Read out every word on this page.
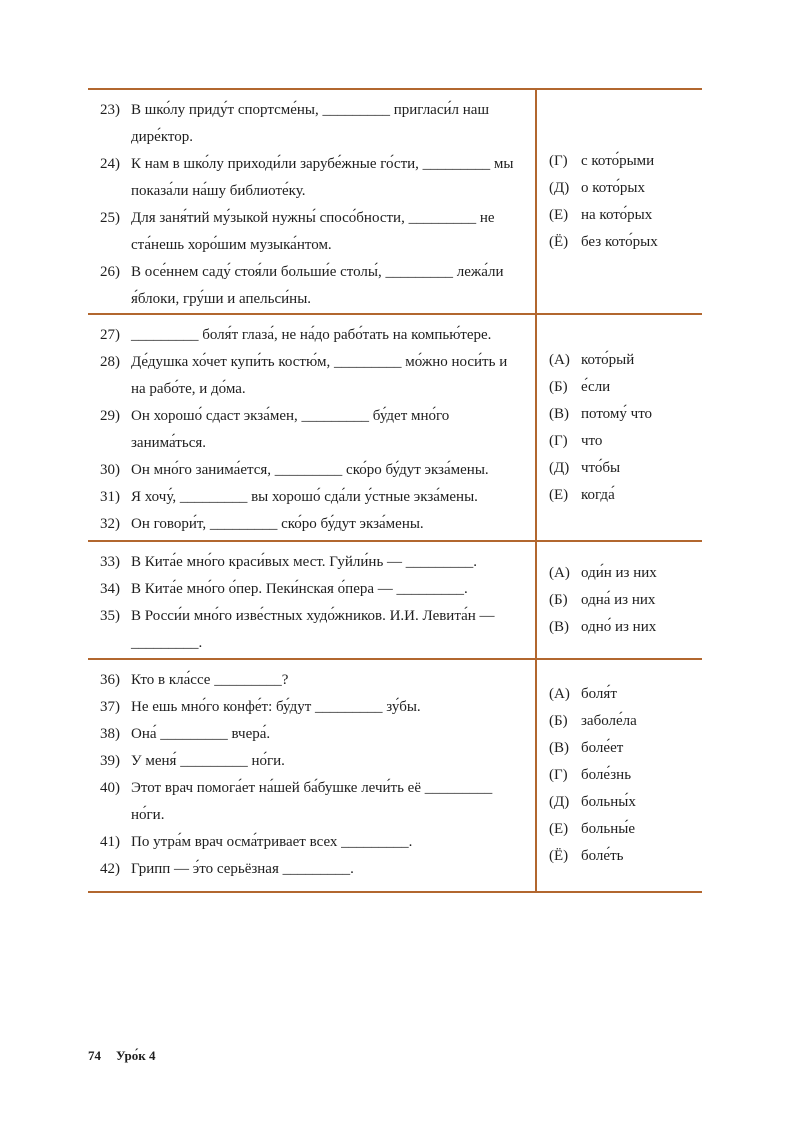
23) В шко́лу приду́т спортсме́ны, _________ пригласи́л наш
дире́ктор.
24) К нам в шко́лу приходи́ли зарубе́жные го́сти, _________ мы
показа́ли на́шу библиоте́ку.
25) Для заня́тий му́зыкой нужны́ спосо́бности, _________ не
ста́нешь хоро́шим музыка́нтом.
26) В осе́ннем саду́ стоя́ли больши́е столы́, _________ лежа́ли
я́блоки, гру́ши и апельси́ны.
(Г) с кото́рыми
(Д) о кото́рых
(Е) на кото́рых
(Ё) без кото́рых
27) _________ боля́т глаза́, не на́до рабо́тать на компью́тере.
28) Де́душка хо́чет купи́ть костю́м, _________ мо́жно носи́ть и
на рабо́те, и до́ма.
29) Он хорошо́ сдаст экза́мен, _________ бу́дет мно́го
занима́ться.
30) Он мно́го занима́ется, _________ ско́ро бу́дут экза́мены.
31) Я хочу́, _________ вы хорошо́ сда́ли у́стные экза́мены.
32) Он говори́т, _________ ско́ро бу́дут экза́мены.
(А) кото́рый
(Б) е́сли
(В) потому́ что
(Г) что
(Д) что́бы
(Е) когда́
33) В Кита́е мно́го краси́вых мест. Гуйли́нь — _________.
34) В Кита́е мно́го о́пер. Пеки́нская о́пера — _________.
35) В Росси́и мно́го изве́стных худо́жников. И.И. Левита́н —
_________.
(А) оди́н из них
(Б) одна́ из них
(В) одно́ из них
36) Кто в кла́ссе _________?
37) Не ешь мно́го конфе́т: бу́дут _________ зу́бы.
38) Она́ _________ вчера́.
39) У меня́ _________ но́ги.
40) Этот врач помога́ет на́шей ба́бушке лечи́ть её _________
но́ги.
41) По утра́м врач осма́тривает всех _________.
42) Грипп — э́то серьёзная _________.
(А) боля́т
(Б) заболе́ла
(В) боле́ет
(Г) боле́знь
(Д) больны́х
(Е) больны́е
(Ё) боле́ть
74 Уро́к 4
